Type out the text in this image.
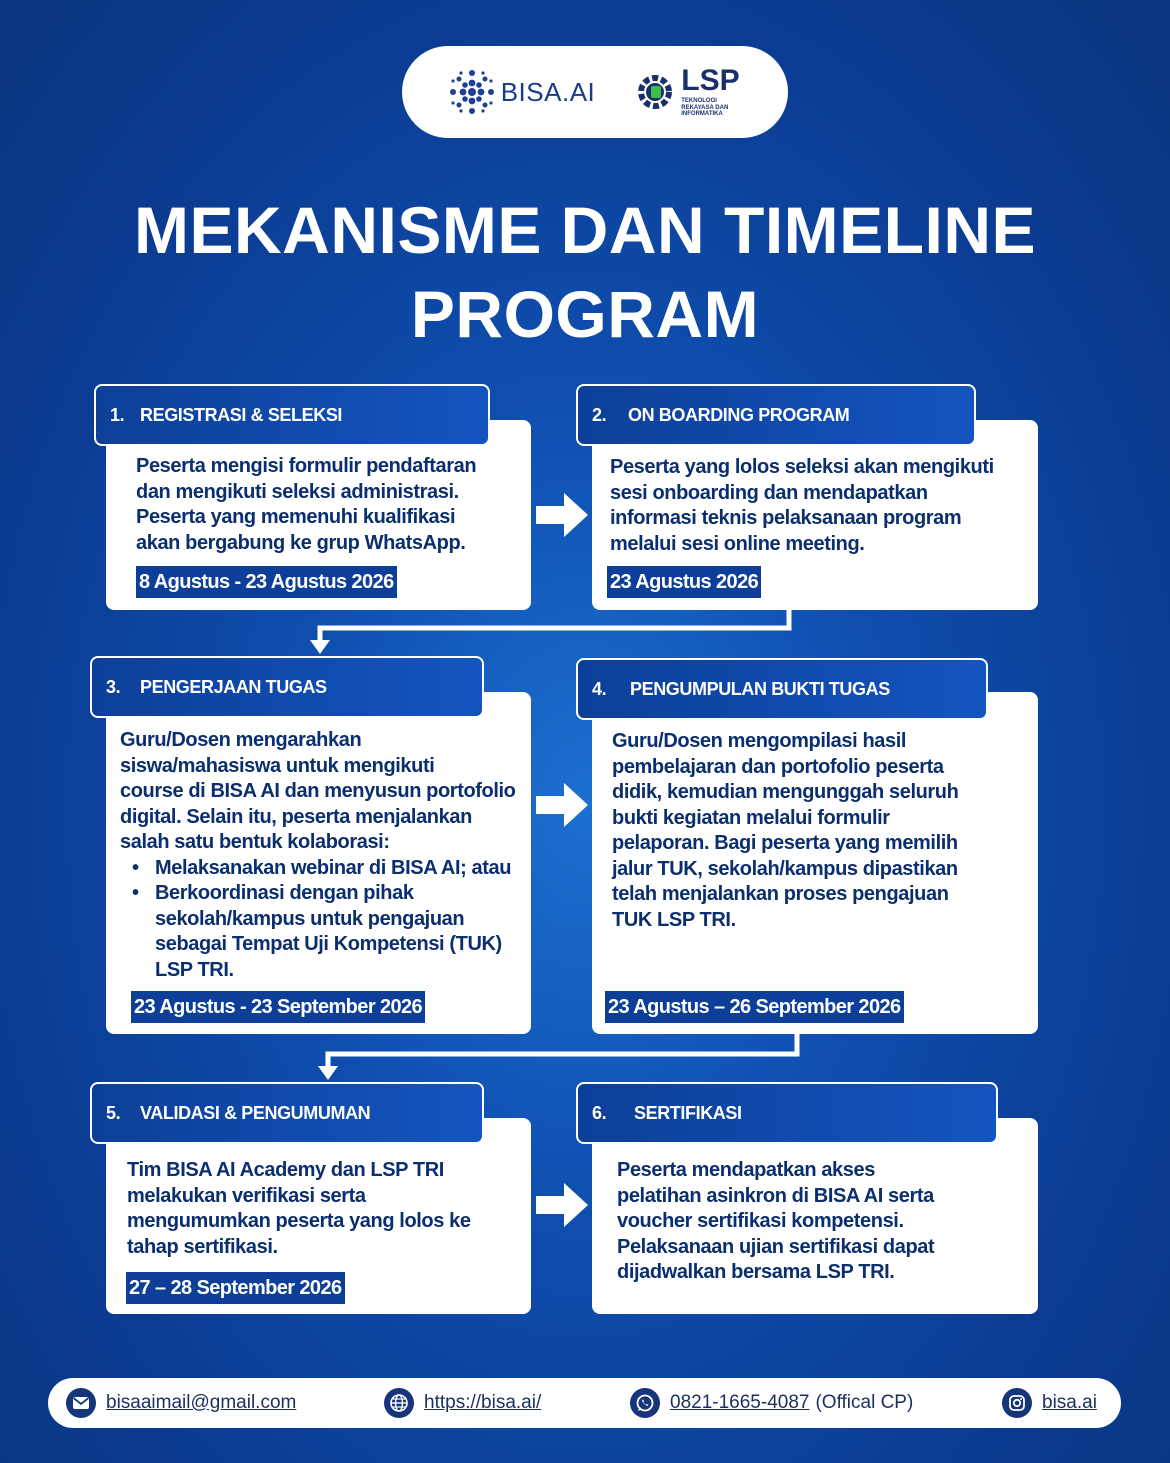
BISA.AI	LSP
TEKNOLOGI REKAYASA DAN INFORMATIKA
MEKANISME DAN TIMELINE
PROGRAM
1. REGISTRASI & SELEKSI
Peserta mengisi formulir pendaftaran
dan mengikuti seleksi administrasi.
Peserta yang memenuhi kualifikasi
akan bergabung ke grup WhatsApp.
8 Agustus - 23 Agustus 2026
2.	ON BOARDING PROGRAM
Peserta yang lolos seleksi akan mengikuti
sesi onboarding dan mendapatkan
informasi teknis pelaksanaan program
melalui sesi online meeting.
23 Agustus 2026
3.	PENGERJAAN TUGAS
Guru/Dosen mengarahkan
siswa/mahasiswa untuk mengikuti
course di BISA AI dan menyusun portofolio
digital. Selain itu, peserta menjalankan
salah satu bentuk kolaborasi:
• Melaksanakan webinar di BISA AI; atau
• Berkoordinasi dengan pihak
sekolah/kampus untuk pengajuan
sebagai Tempat Uji Kompetensi (TUK)
LSP TRI.
23 Agustus - 23 September 2026
4.	PENGUMPULAN BUKTI TUGAS
Guru/Dosen mengompilasi hasil
pembelajaran dan portofolio peserta
didik, kemudian mengunggah seluruh
bukti kegiatan melalui formulir
pelaporan. Bagi peserta yang memilih
jalur TUK, sekolah/kampus dipastikan
telah menjalankan proses pengajuan
TUK LSP TRI.
23 Agustus – 26 September 2026
5.	VALIDASI & PENGUMUMAN
Tim BISA AI Academy dan LSP TRI
melakukan verifikasi serta
mengumumkan peserta yang lolos ke
tahap sertifikasi.
27 – 28 September 2026
6.	SERTIFIKASI
Peserta mendapatkan akses
pelatihan asinkron di BISA AI serta
voucher sertifikasi kompetensi.
Pelaksanaan ujian sertifikasi dapat
dijadwalkan bersama LSP TRI.
bisaaimail@gmail.com	https://bisa.ai/	0821-1665-4087 (Offical CP)	bisa.ai
